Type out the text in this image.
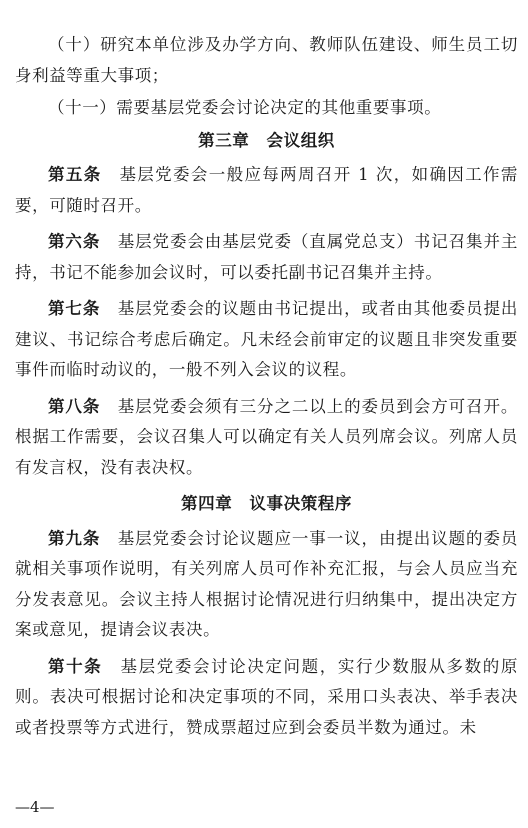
（十）研究本单位涉及办学方向、教师队伍建设、师生员工切身利益等重大事项；

（十一）需要基层党委会讨论决定的其他重要事项。

第三章　会议组织

第五条　 基层党委会一般应每两周召开 1 次，如确因工作需要，可随时召开。

第六条　 基层党委会由基层党委（直属党总支）书记召集并主持，书记不能参加会议时，可以委托副书记召集并主持。

第七条　 基层党委会的议题由书记提出，或者由其他委员提出建议、书记综合考虑后确定。凡未经会前审定的议题且非突发重要事件而临时动议的，一般不列入会议的议程。

第八条　 基层党委会须有三分之二以上的委员到会方可召开。根据工作需要，会议召集人可以确定有关人员列席会议。列席人员有发言权，没有表决权。

第四章　议事决策程序

第九条　 基层党委会讨论议题应一事一议，由提出议题的委员就相关事项作说明，有关列席人员可作补充汇报，与会人员应当充分发表意见。会议主持人根据讨论情况进行归纳集中，提出决定方案或意见，提请会议表决。

第十条　 基层党委会讨论决定问题，实行少数服从多数的原则。表决可根据讨论和决定事项的不同，采用口头表决、举手表决或者投票等方式进行，赞成票超过应到会委员半数为通过。未

—4—
